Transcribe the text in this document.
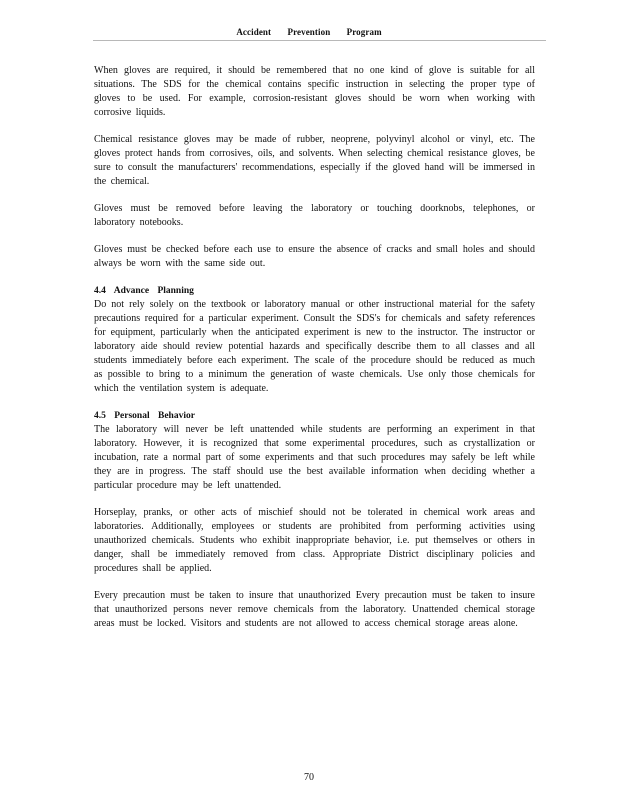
Accident Prevention Program

When gloves are required, it should be remembered that no one kind of glove is suitable for all situations. The SDS for the chemical contains specific instruction in selecting the proper type of gloves to be used. For example, corrosion-resistant gloves should be worn when working with corrosive liquids.

Chemical resistance gloves may be made of rubber, neoprene, polyvinyl alcohol or vinyl, etc. The gloves protect hands from corrosives, oils, and solvents. When selecting chemical resistance gloves, be sure to consult the manufacturers' recommendations, especially if the gloved hand will be immersed in the chemical.

Gloves must be removed before leaving the laboratory or touching doorknobs, telephones, or laboratory notebooks.

Gloves must be checked before each use to ensure the absence of cracks and small holes and should always be worn with the same side out.

4.4 Advance Planning

Do not rely solely on the textbook or laboratory manual or other instructional material for the safety precautions required for a particular experiment. Consult the SDS's for chemicals and safety references for equipment, particularly when the anticipated experiment is new to the instructor. The instructor or laboratory aide should review potential hazards and specifically describe them to all classes and all students immediately before each experiment. The scale of the procedure should be reduced as much as possible to bring to a minimum the generation of waste chemicals. Use only those chemicals for which the ventilation system is adequate.

4.5 Personal Behavior

The laboratory will never be left unattended while students are performing an experiment in that laboratory. However, it is recognized that some experimental procedures, such as crystallization or incubation, rate a normal part of some experiments and that such procedures may safely be left while they are in progress. The staff should use the best available information when deciding whether a particular procedure may be left unattended.

Horseplay, pranks, or other acts of mischief should not be tolerated in chemical work areas and laboratories. Additionally, employees or students are prohibited from performing activities using unauthorized chemicals. Students who exhibit inappropriate behavior, i.e. put themselves or others in danger, shall be immediately removed from class. Appropriate District disciplinary policies and procedures shall be applied.

Every precaution must be taken to insure that unauthorized Every precaution must be taken to insure that unauthorized persons never remove chemicals from the laboratory. Unattended chemical storage areas must be locked. Visitors and students are not allowed to access chemical storage areas alone.

70
